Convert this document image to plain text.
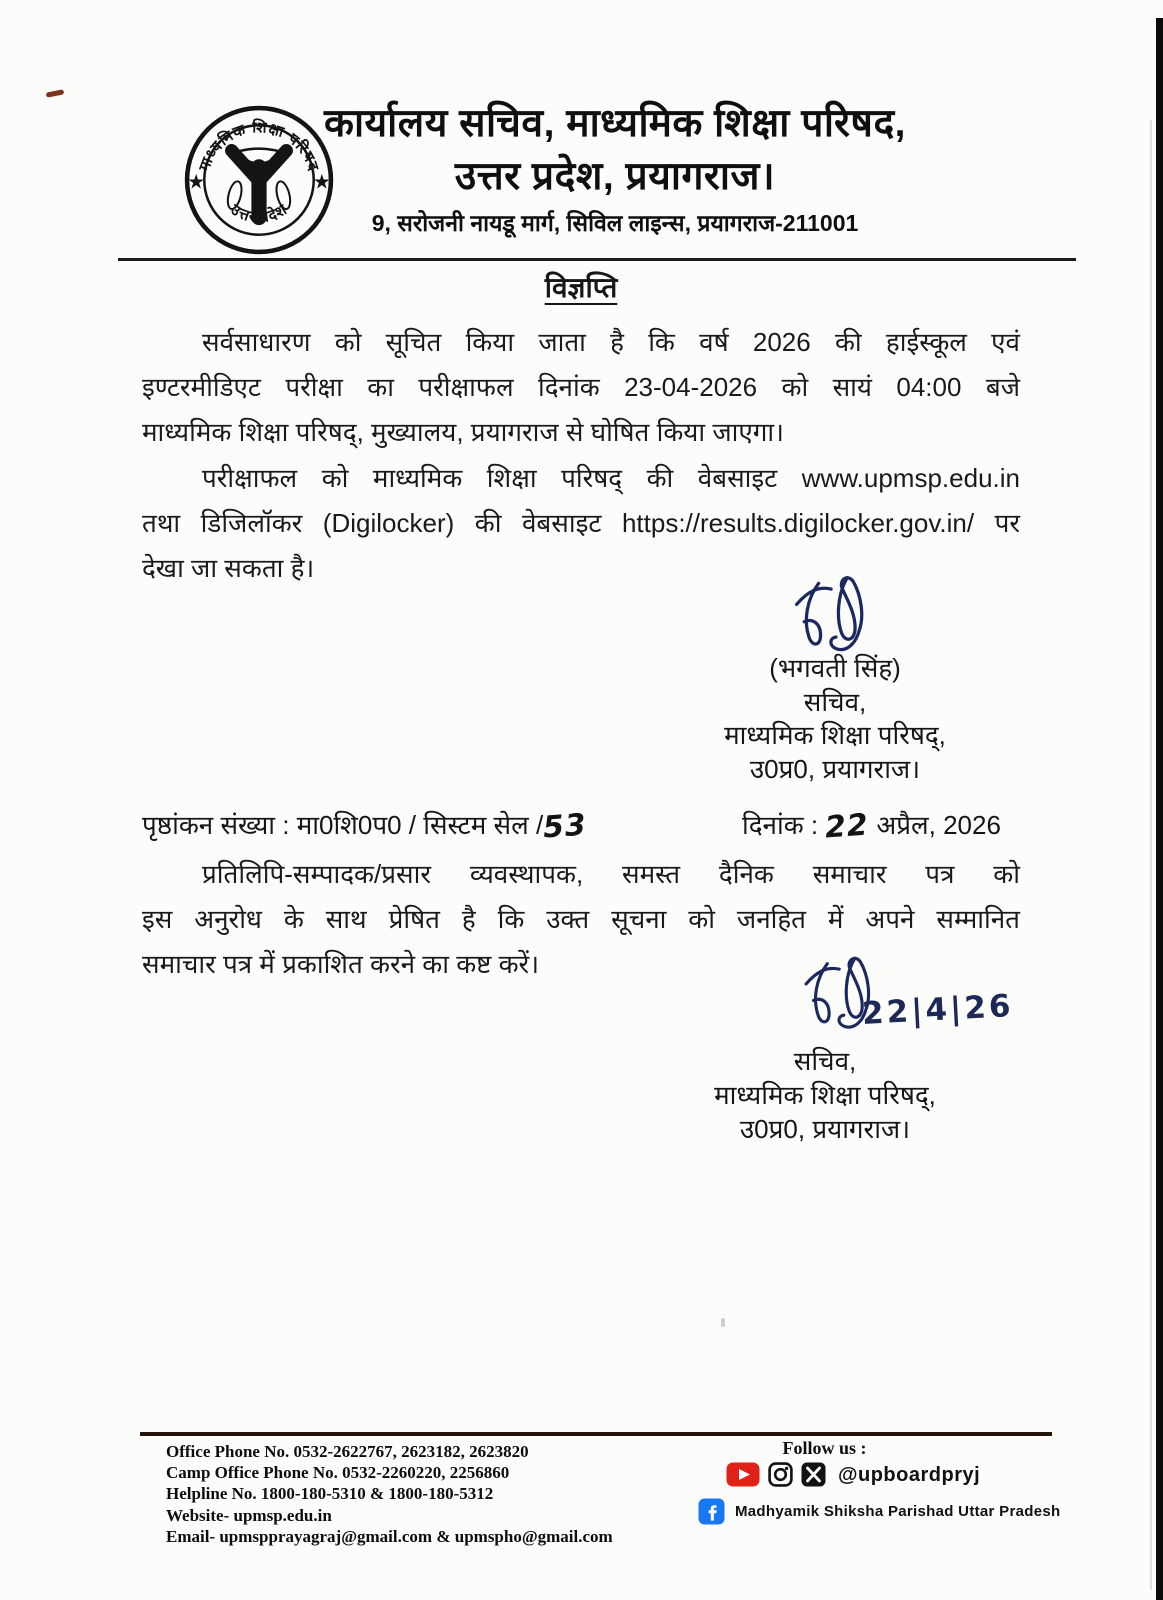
माध्यमिक शिक्षा परिषद
उत्तर प्रदेश
कार्यालय सचिव, माध्यमिक शिक्षा परिषद,
उत्तर प्रदेश, प्रयागराज।
9, सरोजनी नायडू मार्ग, सिविल लाइन्स, प्रयागराज-211001
विज्ञप्ति
सर्वसाधारण को सूचित किया जाता है कि वर्ष 2026 की हाईस्कूल एवं
इण्टरमीडिएट परीक्षा का परीक्षाफल दिनांक 23-04-2026 को सायं 04:00 बजे
माध्यमिक शिक्षा परिषद्, मुख्यालय, प्रयागराज से घोषित किया जाएगा।
परीक्षाफल को माध्यमिक शिक्षा परिषद् की वेबसाइट www.upmsp.edu.in
तथा डिजिलॉकर (Digilocker) की वेबसाइट https://results.digilocker.gov.in/ पर
देखा जा सकता है।
(भगवती सिंह)
सचिव,
माध्यमिक शिक्षा परिषद्,
उ0प्र0, प्रयागराज।
पृष्ठांकन संख्या : मा0शि0प0 / सिस्टम सेल /53	दिनांक : 22 अप्रैल, 2026
प्रतिलिपि-सम्पादक/प्रसार व्यवस्थापक, समस्त दैनिक समाचार पत्र को
इस अनुरोध के साथ प्रेषित है कि उक्त सूचना को जनहित में अपने सम्मानित
समाचार पत्र में प्रकाशित करने का कष्ट करें।
22|4|26
सचिव,
माध्यमिक शिक्षा परिषद्,
उ0प्र0, प्रयागराज।
Office Phone No. 0532-2622767, 2623182, 2623820
Camp Office Phone No. 0532-2260220, 2256860
Helpline No. 1800-180-5310 & 1800-180-5312
Website- upmsp.edu.in
Email- upmspprayagraj@gmail.com & upmspho@gmail.com
Follow us :
@upboardpryj
Madhyamik Shiksha Parishad Uttar Pradesh
